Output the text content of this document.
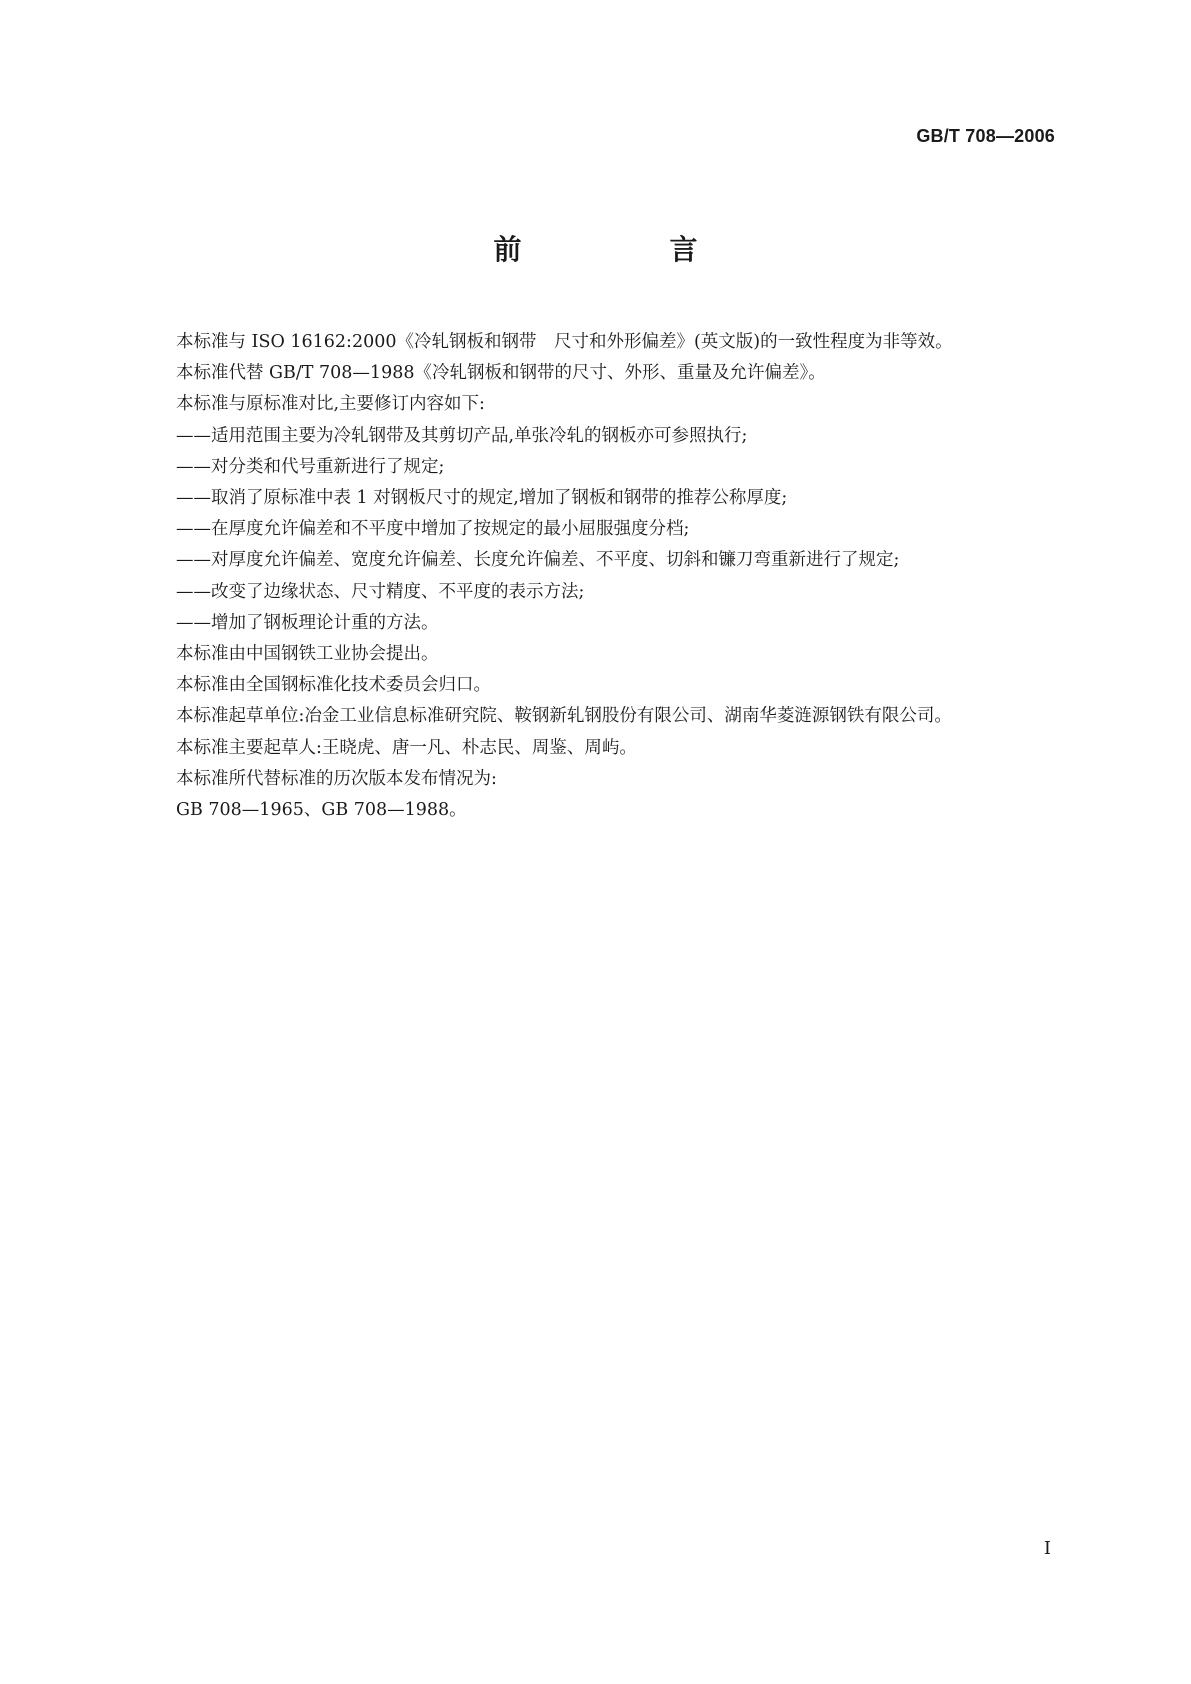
GB/T 708—2006
前　言

本标准与 ISO 16162:2000《冷轧钢板和钢带　尺寸和外形偏差》(英文版)的一致性程度为非等效。

本标准代替 GB/T 708—1988《冷轧钢板和钢带的尺寸、外形、重量及允许偏差》。

本标准与原标准对比,主要修订内容如下:

——适用范围主要为冷轧钢带及其剪切产品,单张冷轧的钢板亦可参照执行;

——对分类和代号重新进行了规定;

——取消了原标准中表 1 对钢板尺寸的规定,增加了钢板和钢带的推荐公称厚度;

——在厚度允许偏差和不平度中增加了按规定的最小屈服强度分档;

——对厚度允许偏差、宽度允许偏差、长度允许偏差、不平度、切斜和镰刀弯重新进行了规定;

——改变了边缘状态、尺寸精度、不平度的表示方法;

——增加了钢板理论计重的方法。

本标准由中国钢铁工业协会提出。

本标准由全国钢标准化技术委员会归口。

本标准起草单位:冶金工业信息标准研究院、鞍钢新轧钢股份有限公司、湖南华菱涟源钢铁有限公司。

本标准主要起草人:王晓虎、唐一凡、朴志民、周鉴、周屿。

本标准所代替标准的历次版本发布情况为:

GB 708—1965、GB 708—1988。

I
